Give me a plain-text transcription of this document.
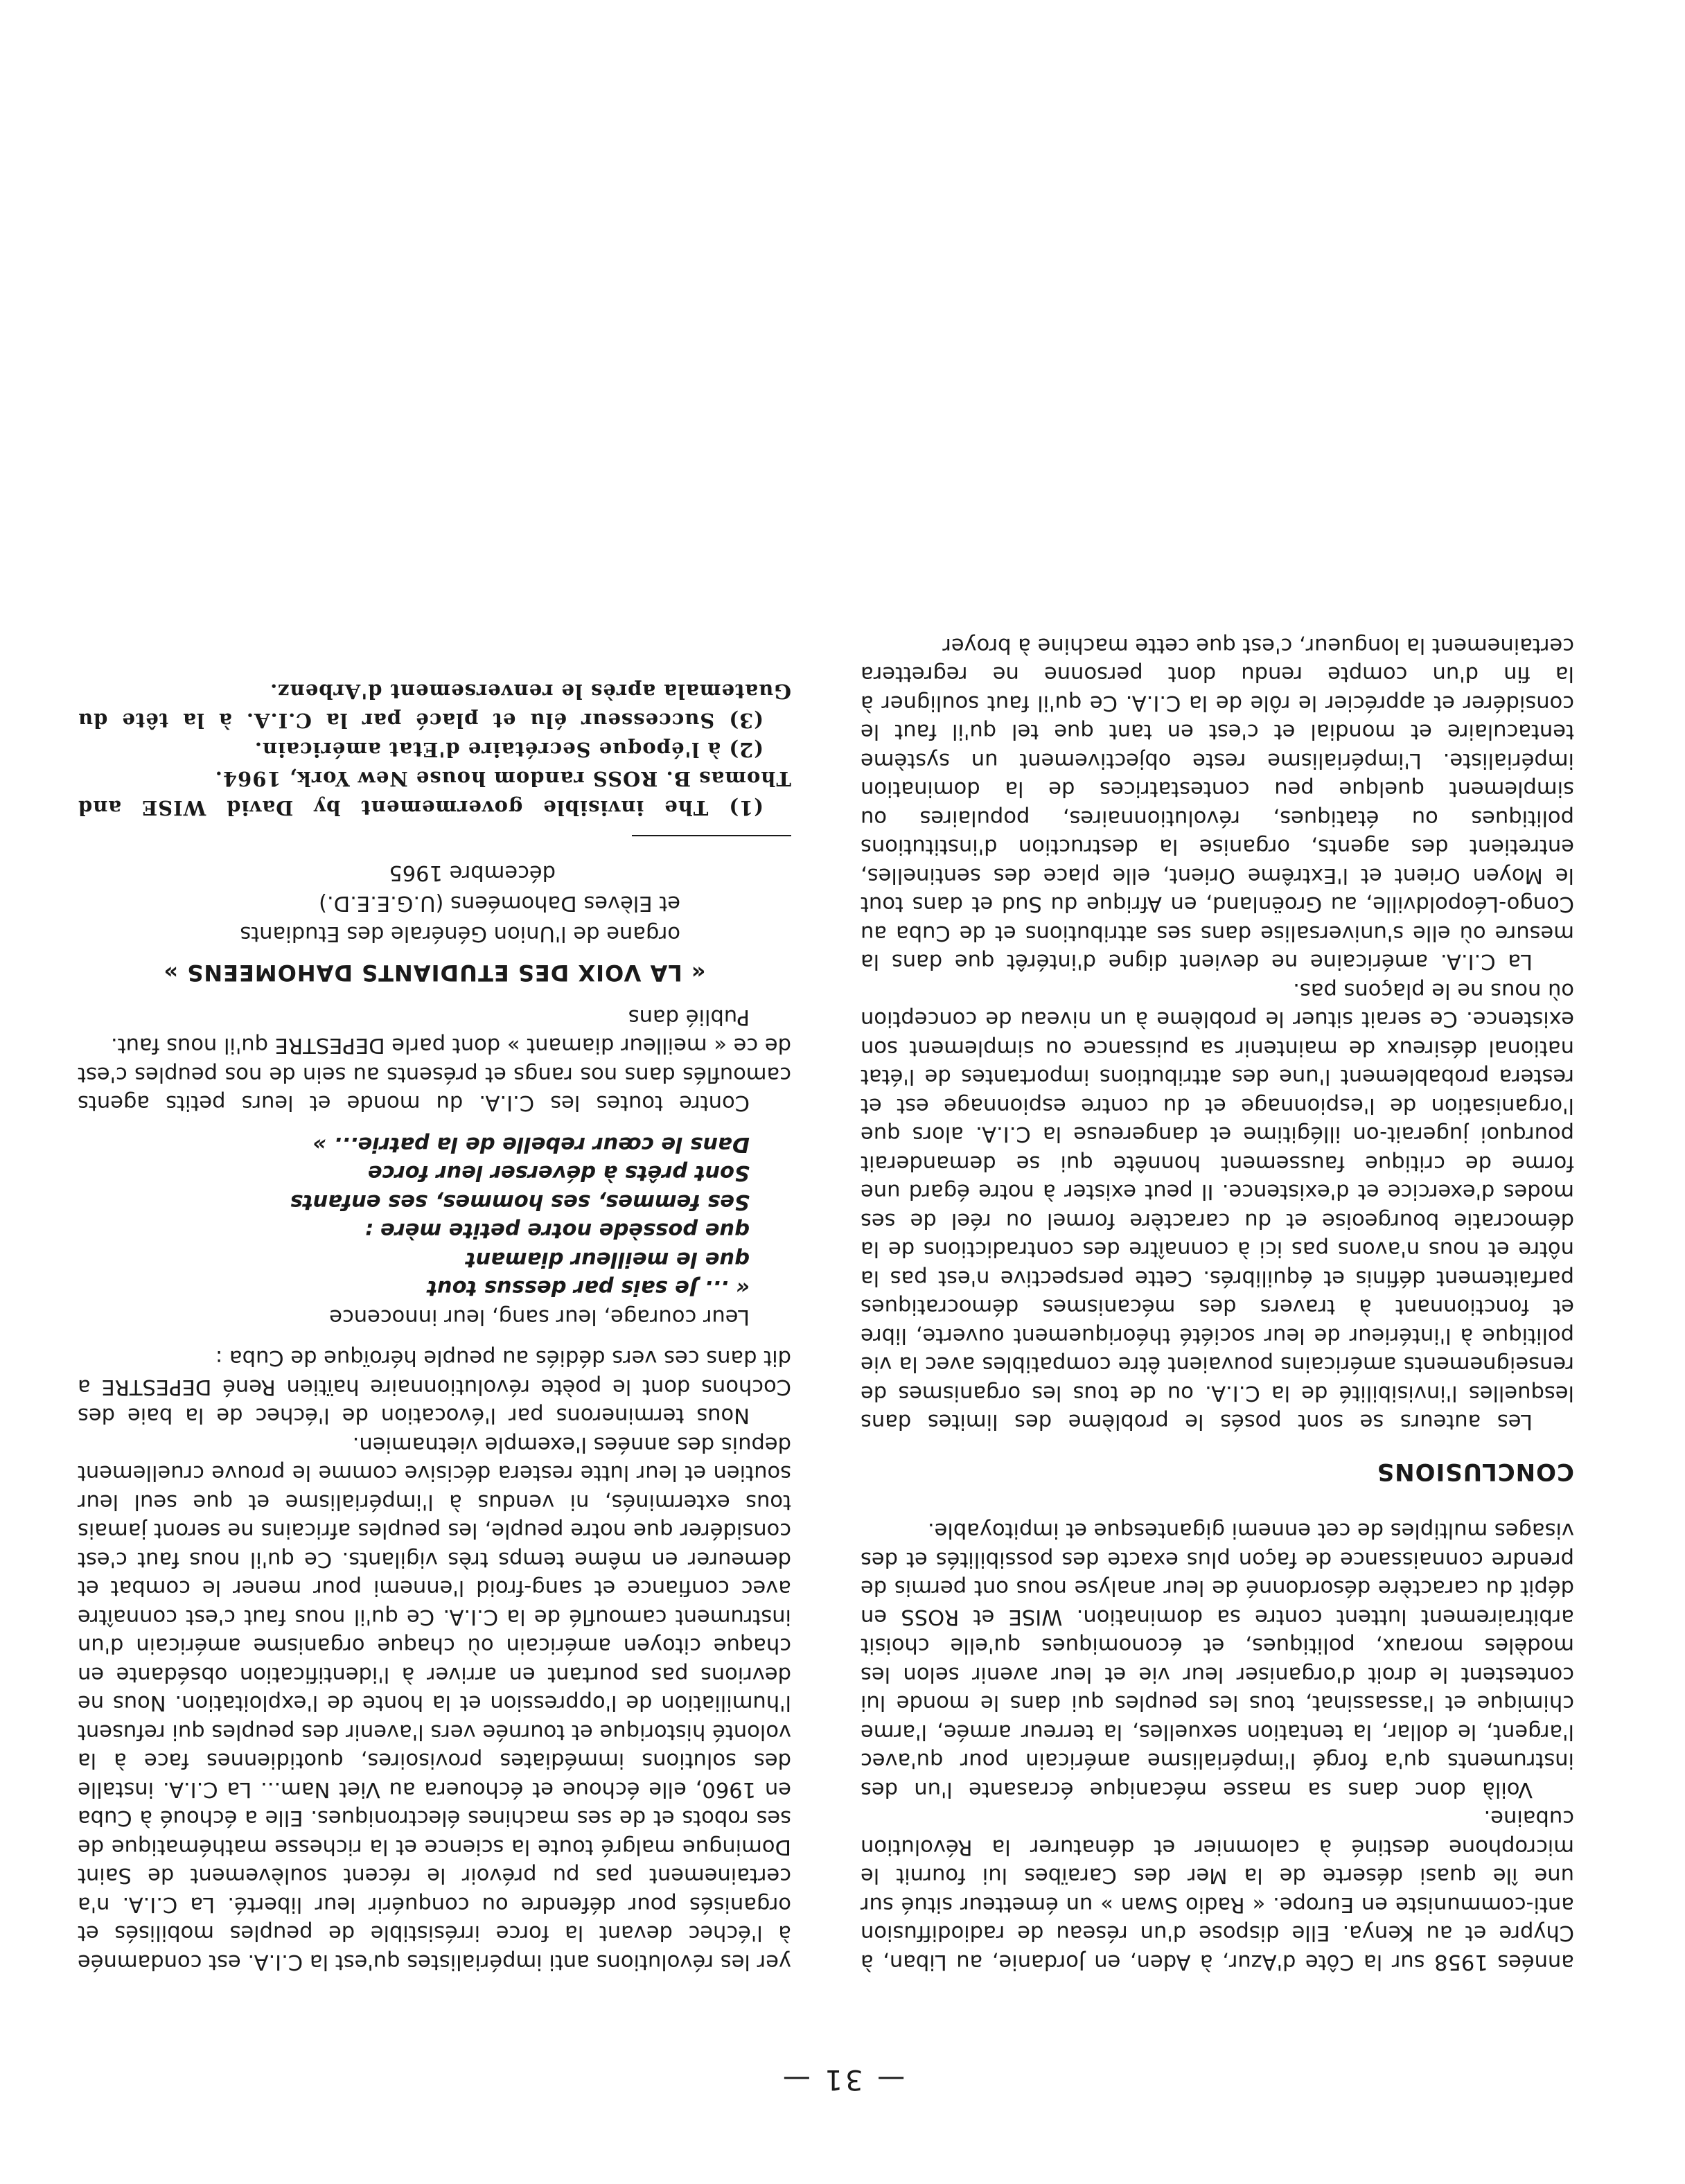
— 31 —

années 1958 sur la Côte d'Azur, à Aden, en Jordanie, au Liban, à Chypre et au Kenya. Elle dispose d'un réseau de radiodiffusion anti-communiste en Europe. « Radio Swan » un émetteur situé sur une île quasi déserte de la Mer des Caraïbes lui fournit le microphone destiné à calomnier et dénaturer la Révolution cubaine.

Voilà donc dans sa masse mécanique écrasante l'un des instruments qu'a forgé l'impérialisme américain pour qu'avec l'argent, le dollar, la tentation sexuelles, la terreur armée, l'arme chimique et l'assassinat, tous les peuples qui dans le monde lui contestent le droit d'organiser leur vie et leur avenir selon les modèles moraux, politiques, et économiques qu'elle choisit arbitrairement luttent contre sa domination. WISE et ROSS en dépit du caractère désordonné de leur analyse nous ont permis de prendre connaissance de façon plus exacte des possibilités et des visages multiples de cet ennemi gigantesque et impitoyable.

CONCLUSIONS

Les auteurs se sont posés le problème des limites dans lesquelles l'invisibilité de la C.I.A. ou de tous les organismes de renseignements américains pouvaient être compatibles avec la vie politique à l'intérieur de leur société théoriquement ouverte, libre et fonctionnant à travers des mécanismes démocratiques parfaitement définis et équilibrés. Cette perspective n'est pas la nôtre et nous n'avons pas ici à connaître des contradictions de la démocratie bourgeoise et du caractère formel ou réel de ses modes d'exercice et d'existence. Il peut exister à notre égard une forme de critique faussement honnête qui se demanderait pourquoi jugerait-on illégitime et dangereuse la C.I.A. alors que l'organisation de l'espionnage et du contre espionnage est et restera probablement l'une des attributions importantes de l'état national désireux de maintenir sa puissance ou simplement son existence. Ce serait situer le problème à un niveau de conception où nous ne le plaçons pas.

La C.I.A. américaine ne devient digne d'intérêt que dans la mesure où elle s'universalise dans ses attributions et de Cuba au Congo-Léopoldville, au Groënland, en Afrique du Sud et dans tout le Moyen Orient et l'Extrême Orient, elle place des sentinelles, entretient des agents, organise la destruction d'institutions politiques ou étatiques, révolutionnaires, populaires ou simplement quelque peu contestatrices de la domination impérialiste. L'impérialisme reste objectivement un système tentaculaire et mondial et c'est en tant que tel qu'il faut le considérer et apprécier le rôle de la C.I.A. Ce qu'il faut souligner à la fin d'un compte rendu dont personne ne regrettera certainement la longueur, c'est que cette machine à broyer

yer les révolutions anti impérialistes qu'est la C.I.A. est condamnée à l'échec devant la force irrésistible de peuples mobilisés et organisés pour défendre ou conquérir leur liberté. La C.I.A. n'a certainement pas pu prévoir le récent soulèvement de Saint Domingue malgré toute la science et la richesse mathématique de ses robots et de ses machines électroniques. Elle a échoué à Cuba en 1960, elle échoue et échouera au Viet Nam... La C.I.A. installe des solutions immédiates provisoires, quotidiennes face à la volonté historique et tournée vers l'avenir des peuples qui refusent l'humiliation de l'oppression et la honte de l'exploitation. Nous ne devrions pas pourtant en arriver à l'identification obsédante en chaque citoyen américain où chaque organisme américain d'un instrument camouflé de la C.I.A. Ce qu'il nous faut c'est connaître avec confiance et sang-froid l'ennemi pour mener le combat et demeurer en même temps très vigilants. Ce qu'il nous faut c'est considérer que notre peuple, les peuples africains ne seront jamais tous exterminés, ni vendus à l'impérialisme et que seul leur soutien et leur lutte restera décisive comme le prouve cruellement depuis des années l'exemple vietnamien.

Nous terminerons par l'évocation de l'échec de la baie des Cochons dont le poète révolutionnaire haïtien René DEPESTRE a dit dans ces vers dédiés au peuple héroïque de Cuba :

Leur courage, leur sang, leur innocence

« ... Je sais par dessus tout
que le meilleur diamant
que possède notre petite mère :
Ses femmes, ses hommes, ses enfants
Sont prêts à déverser leur force
Dans le cœur rebelle de la patrie... »

Contre toutes les C.I.A. du monde et leurs petits agents camouflés dans nos rangs et présents au sein de nos peuples c'est de ce « meilleur diamant » dont parle DEPESTRE qu'il nous faut.

Publié dans

« LA VOIX DES ETUDIANTS DAHOMEENS »
organe de l'Union Générale des Etudiants
et Elèves Dahoméens (U.G.E.E.D.)
décembre 1965

(1) The invisible govermement by David WISE and Thomas B. ROSS random house New York, 1964.

(2) à l'époque Secrétaire d'Etat américain.

(3) Successeur élu et placé par la C.I.A. à la tête du Guatemala après le renversement d'Arbenz.
